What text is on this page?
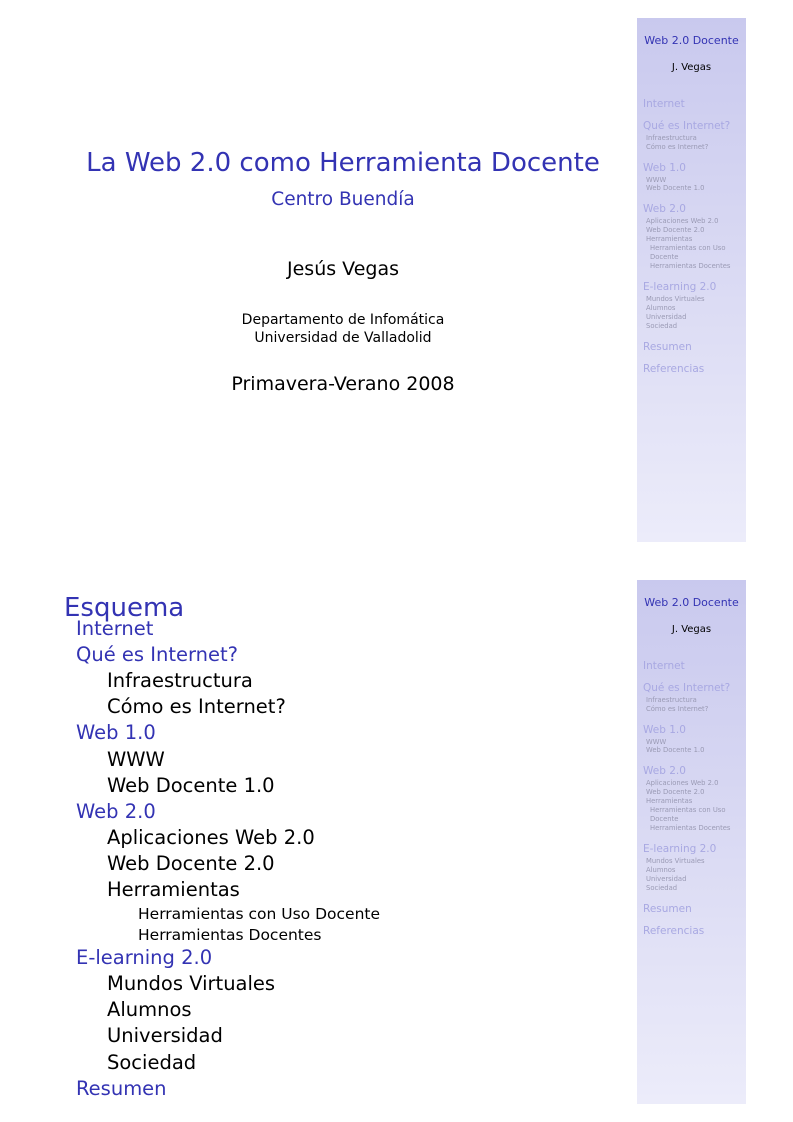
La Web 2.0 como Herramienta Docente
Centro Buendía
Jesús Vegas
Departamento de Infomática
Universidad de Valladolid
Primavera-Verano 2008
Web 2.0 Docente
J. Vegas
Internet
Qué es Internet?
Infraestructura
Cómo es Internet?
Web 1.0
WWW
Web Docente 1.0
Web 2.0
Aplicaciones Web 2.0
Web Docente 2.0
Herramientas
Herramientas con Uso Docente
Herramientas Docentes
E-learning 2.0
Mundos Virtuales
Alumnos
Universidad
Sociedad
Resumen
Referencias
Esquema
Internet
Qué es Internet?
Infraestructura
Cómo es Internet?
Web 1.0
WWW
Web Docente 1.0
Web 2.0
Aplicaciones Web 2.0
Web Docente 2.0
Herramientas
Herramientas con Uso Docente
Herramientas Docentes
E-learning 2.0
Mundos Virtuales
Alumnos
Universidad
Sociedad
Resumen
Web 2.0 Docente
J. Vegas
Internet
Qué es Internet?
Infraestructura
Cómo es Internet?
Web 1.0
WWW
Web Docente 1.0
Web 2.0
Aplicaciones Web 2.0
Web Docente 2.0
Herramientas
Herramientas con Uso Docente
Herramientas Docentes
E-learning 2.0
Mundos Virtuales
Alumnos
Universidad
Sociedad
Resumen
Referencias
